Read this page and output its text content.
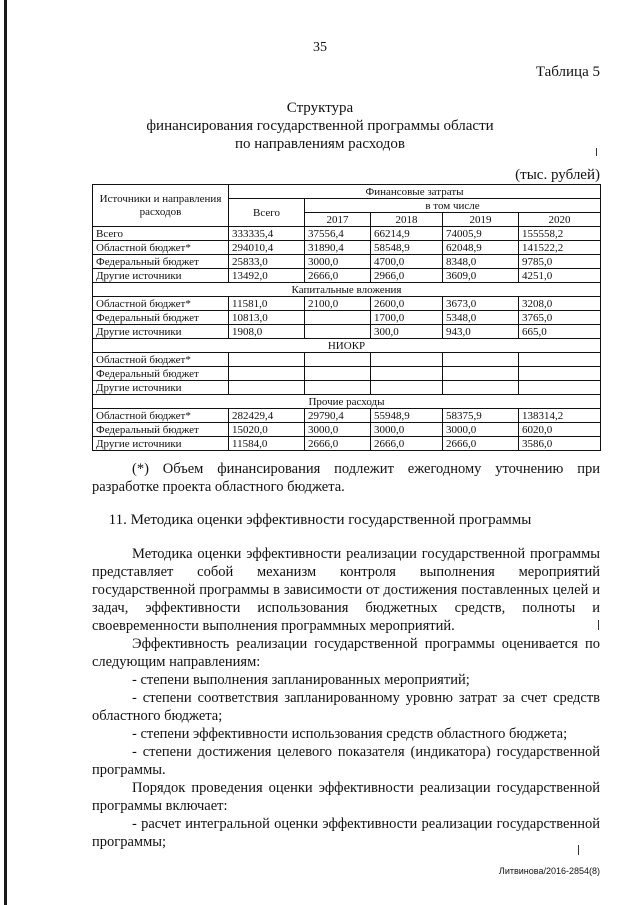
35
Таблица 5
Структура
финансирования государственной программы области
по направлениям расходов
(тыс. рублей)
Источники и направления расходов	Финансовые затраты				
	Всего	в том числе			
		2017	2018	2019	2020
Всего	333335,4	37556,4	66214,9	74005,9	155558,2
Областной бюджет*	294010,4	31890,4	58548,9	62048,9	141522,2
Федеральный бюджет	25833,0	3000,0	4700,0	8348,0	9785,0
Другие источники	13492,0	2666,0	2966,0	3609,0	4251,0
Капитальные вложения					
Областной бюджет*	11581,0	2100,0	2600,0	3673,0	3208,0
Федеральный бюджет	10813,0		1700,0	5348,0	3765,0
Другие источники	1908,0		300,0	943,0	665,0
НИОКР					
Областной бюджет*					
Федеральный бюджет					
Другие источники					
Прочие расходы					
Областной бюджет*	282429,4	29790,4	55948,9	58375,9	138314,2
Федеральный бюджет	15020,0	3000,0	3000,0	3000,0	6020,0
Другие источники	11584,0	2666,0	2666,0	2666,0	3586,0

(*) Объем финансирования подлежит ежегодному уточнению при разработке проекта областного бюджета.

11. Методика оценки эффективности государственной программы

Методика оценки эффективности реализации государственной программы представляет собой механизм контроля выполнения мероприятий государственной программы в зависимости от достижения поставленных целей и задач, эффективности использования бюджетных средств, полноты и своевременности выполнения программных мероприятий.

Эффективность реализации государственной программы оценивается по следующим направлениям:

- степени выполнения запланированных мероприятий;

- степени соответствия запланированному уровню затрат за счет средств областного бюджета;

- степени эффективности использования средств областного бюджета;

- степени достижения целевого показателя (индикатора) государственной программы.

Порядок проведения оценки эффективности реализации государственной программы включает:

- расчет интегральной оценки эффективности реализации государственной программы;

Литвинова/2016-2854(8)
